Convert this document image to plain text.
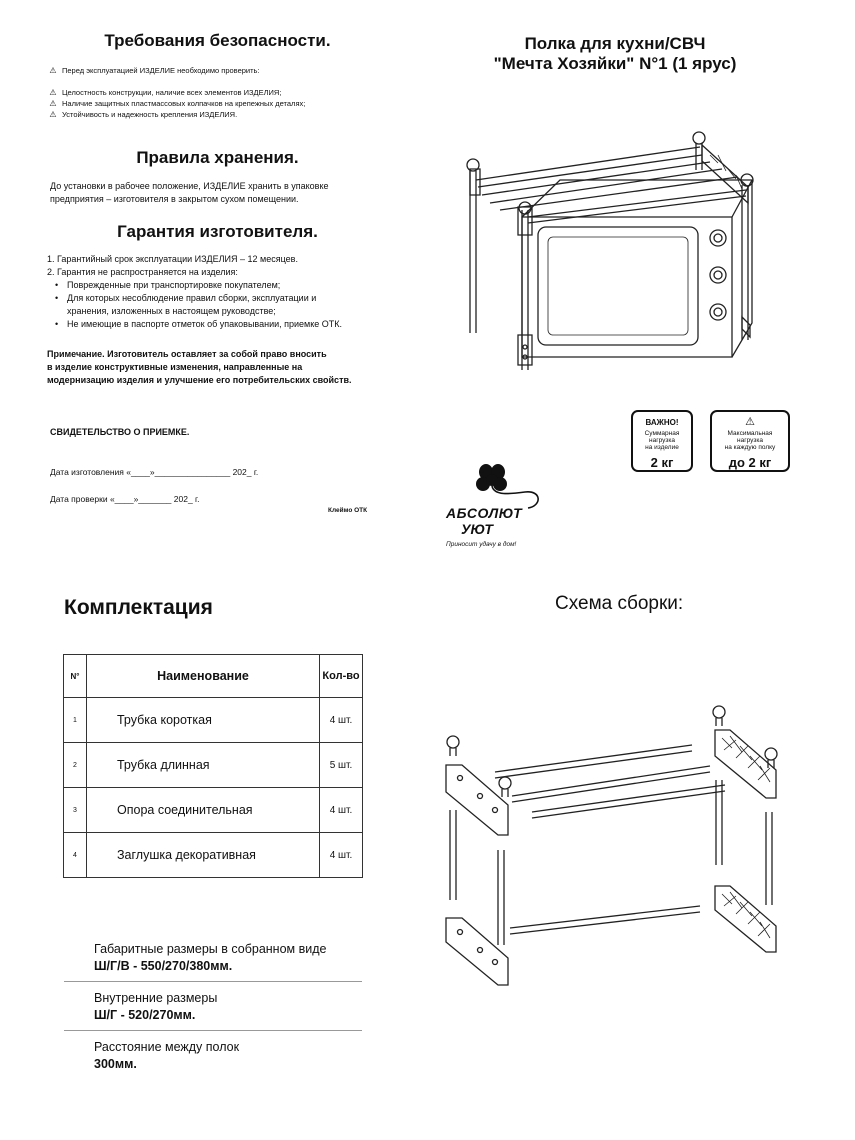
Требования безопасности.
⚠ Перед эксплуатацией ИЗДЕЛИЕ необходимо проверить:
⚠ Целостность конструкции, наличие всех элементов ИЗДЕЛИЯ;
⚠ Наличие защитных пластмассовых колпачков на крепежных деталях;
⚠ Устойчивость и надежность крепления ИЗДЕЛИЯ.
Правила хранения.
До установки в рабочее положение, ИЗДЕЛИЕ хранить в упаковке
предприятия – изготовителя в закрытом сухом помещении.
Гарантия изготовителя.
1. Гарантийный срок эксплуатации ИЗДЕЛИЯ – 12 месяцев.
2. Гарантия не распространяется на изделия:
• Поврежденные при транспортировке покупателем;
• Для которых несоблюдение правил сборки, эксплуатации и
хранения, изложенных в настоящем руководстве;
• Не имеющие в паспорте отметок об упаковывании, приемке ОТК.
Примечание. Изготовитель оставляет за собой право вносить
в изделие конструктивные изменения, направленные на
модернизацию изделия и улучшение его потребительских свойств.
СВИДЕТЕЛЬСТВО О ПРИЕМКЕ.
Дата изготовления «____»________________ 202_ г.
Дата проверки «____»_______ 202_ г.
Клеймо ОТК
Полка для кухни/СВЧ
"Мечта Хозяйки" N°1 (1 ярус)
ВАЖНО!
Суммарная
нагрузка
на изделие
2 кг
⚠
Максимальная
нагрузка
на каждую полку
до 2 кг
АБСОЛЮТ
УЮТ
Приносит удачу в дом!
Комплектация
N°	Наименование	Кол-во
1	Трубка короткая	4 шт.
2	Трубка длинная	5 шт.
3	Опора соединительная	4 шт.
4	Заглушка декоративная	4 шт.
Габаритные размеры в собранном виде
Ш/Г/В - 550/270/380мм.
Внутренние размеры
Ш/Г - 520/270мм.
Расстояние между полок
300мм.
Схема сборки:
